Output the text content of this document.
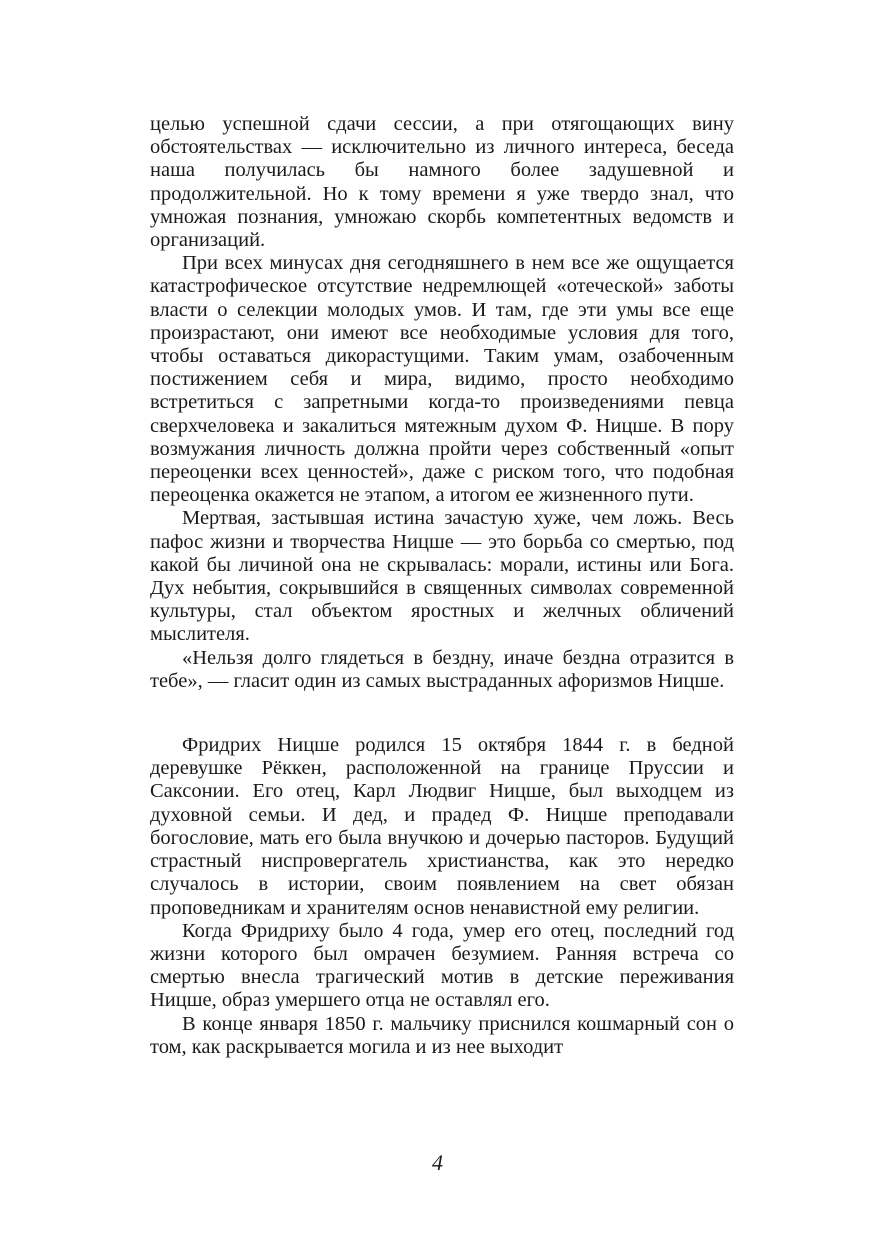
целью успешной сдачи сессии, а при отягощающих вину обстоятельствах — исключительно из личного интереса, беседа наша получилась бы намного более задушевной и продолжительной. Но к тому времени я уже твердо знал, что умножая познания, умножаю скорбь компетентных ведомств и организаций.

При всех минусах дня сегодняшнего в нем все же ощущается катастрофическое отсутствие недремлющей «отеческой» заботы власти о селекции молодых умов. И там, где эти умы все еще произрастают, они имеют все необходимые условия для того, чтобы оставаться дикорастущими. Таким умам, озабоченным постижением себя и мира, видимо, просто необходимо встретиться с запретными когда-то произведениями певца сверхчеловека и закалиться мятежным духом Ф. Ницше. В пору возмужания личность должна пройти через собственный «опыт переоценки всех ценностей», даже с риском того, что подобная переоценка окажется не этапом, а итогом ее жизненного пути.

Мертвая, застывшая истина зачастую хуже, чем ложь. Весь пафос жизни и творчества Ницше — это борьба со смертью, под какой бы личиной она не скрывалась: морали, истины или Бога. Дух небытия, сокрывшийся в священных символах современной культуры, стал объектом яростных и желчных обличений мыслителя.

«Нельзя долго глядеться в бездну, иначе бездна отразится в тебе», — гласит один из самых выстраданных афоризмов Ницше.

Фридрих Ницше родился 15 октября 1844 г. в бедной деревушке Рёккен, расположенной на границе Пруссии и Саксонии. Его отец, Карл Людвиг Ницше, был выходцем из духовной семьи. И дед, и прадед Ф. Ницше преподавали богословие, мать его была внучкою и дочерью пасторов. Будущий страстный ниспровергатель христианства, как это нередко случалось в истории, своим появлением на свет обязан проповедникам и хранителям основ ненавистной ему религии.

Когда Фридриху было 4 года, умер его отец, последний год жизни которого был омрачен безумием. Ранняя встреча со смертью внесла трагический мотив в детские переживания Ницше, образ умершего отца не оставлял его.

В конце января 1850 г. мальчику приснился кошмарный сон о том, как раскрывается могила и из нее выходит

4
